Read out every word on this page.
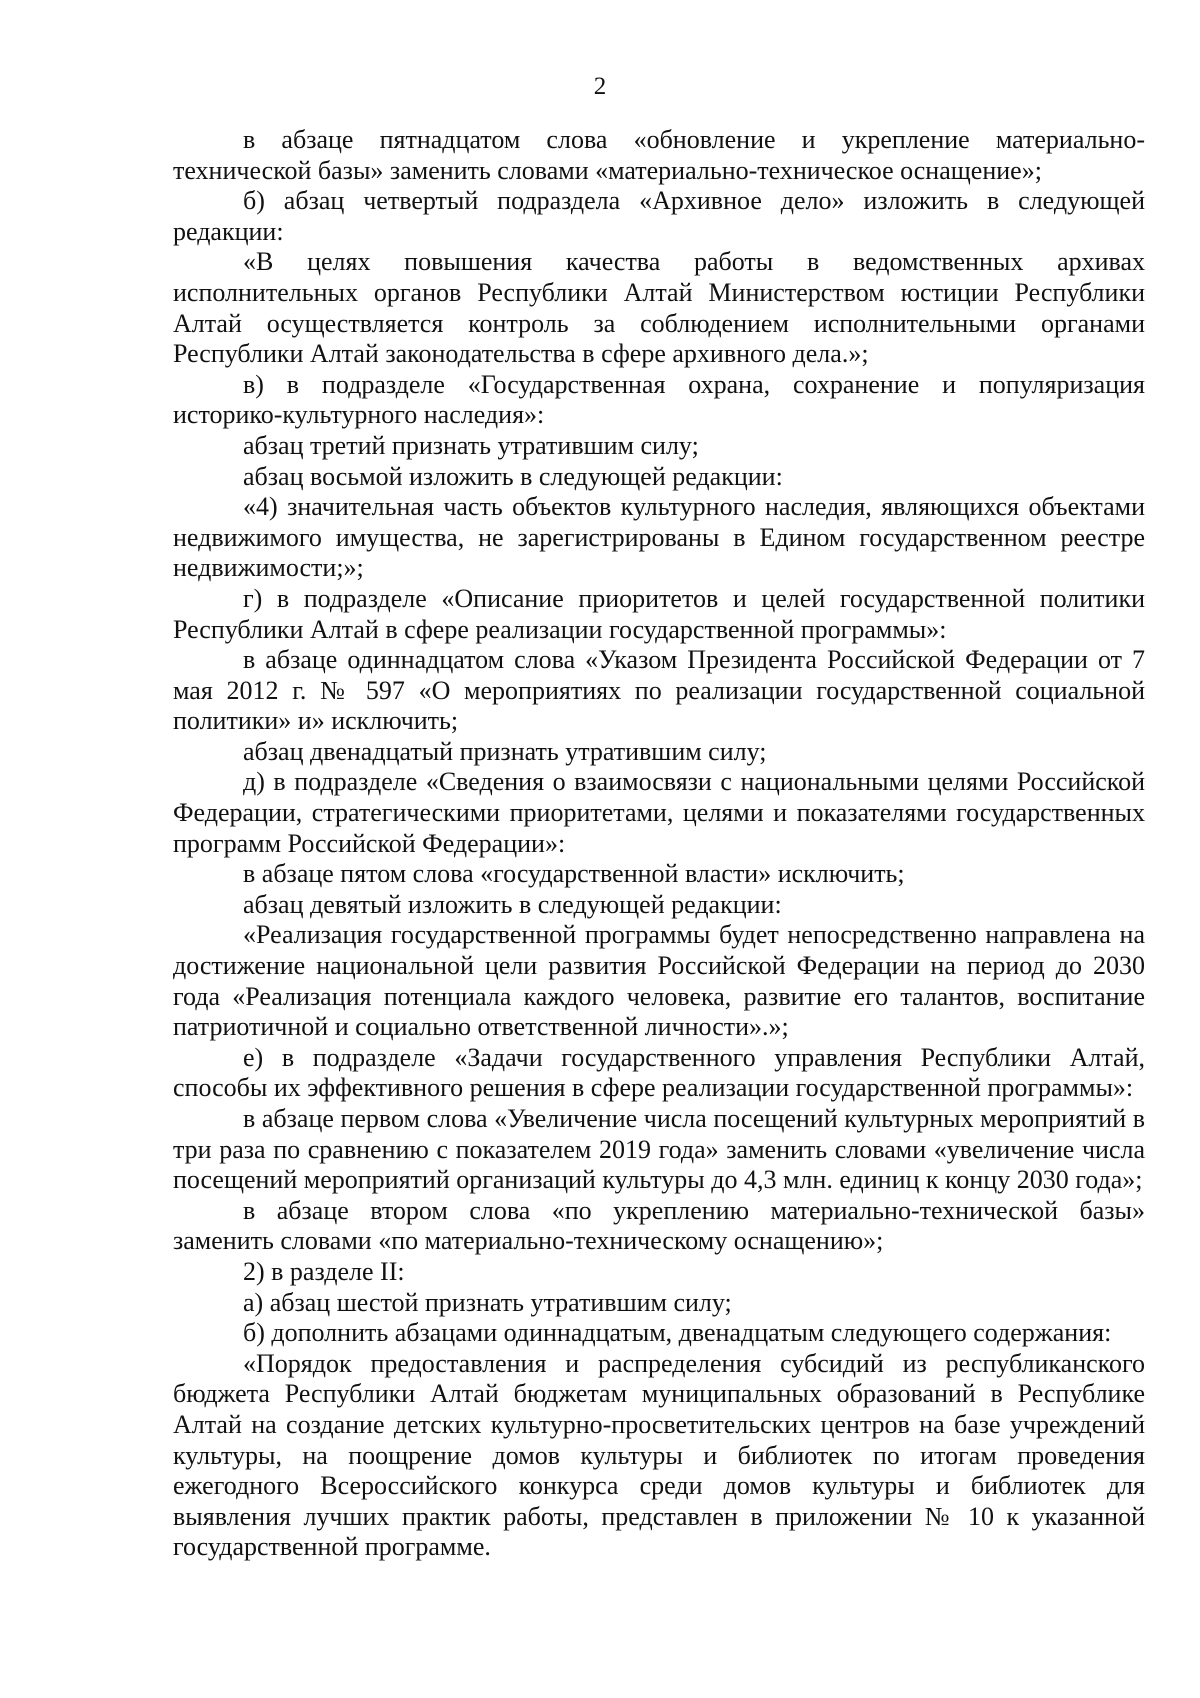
2

в абзаце пятнадцатом слова «обновление и укрепление материально-технической базы» заменить словами «материально-техническое оснащение»;

б) абзац четвертый подраздела «Архивное дело» изложить в следующей редакции:

«В целях повышения качества работы в ведомственных архивах исполнительных органов Республики Алтай Министерством юстиции Республики Алтай осуществляется контроль за соблюдением исполнительными органами Республики Алтай законодательства в сфере архивного дела.»;

в) в подразделе «Государственная охрана, сохранение и популяризация историко-культурного наследия»:

абзац третий признать утратившим силу;

абзац восьмой изложить в следующей редакции:

«4) значительная часть объектов культурного наследия, являющихся объектами недвижимого имущества, не зарегистрированы в Едином государственном реестре недвижимости;»;

г) в подразделе «Описание приоритетов и целей государственной политики Республики Алтай в сфере реализации государственной программы»:

в абзаце одиннадцатом слова «Указом Президента Российской Федерации от 7 мая 2012 г. № 597 «О мероприятиях по реализации государственной социальной политики» и» исключить;

абзац двенадцатый признать утратившим силу;

д) в подразделе «Сведения о взаимосвязи с национальными целями Российской Федерации, стратегическими приоритетами, целями и показателями государственных программ Российской Федерации»:

в абзаце пятом слова «государственной власти» исключить;

абзац девятый изложить в следующей редакции:

«Реализация государственной программы будет непосредственно направлена на достижение национальной цели развития Российской Федерации на период до 2030 года «Реализация потенциала каждого человека, развитие его талантов, воспитание патриотичной и социально ответственной личности».»;

е) в подразделе «Задачи государственного управления Республики Алтай, способы их эффективного решения в сфере реализации государственной программы»:

в абзаце первом слова «Увеличение числа посещений культурных мероприятий в три раза по сравнению с показателем 2019 года» заменить словами «увеличение числа посещений мероприятий организаций культуры до 4,3 млн. единиц к концу 2030 года»;

в абзаце втором слова «по укреплению материально-технической базы» заменить словами «по материально-техническому оснащению»;

2) в разделе II:

а) абзац шестой признать утратившим силу;

б) дополнить абзацами одиннадцатым, двенадцатым следующего содержания:

«Порядок предоставления и распределения субсидий из республиканского бюджета Республики Алтай бюджетам муниципальных образований в Республике Алтай на создание детских культурно-просветительских центров на базе учреждений культуры, на поощрение домов культуры и библиотек по итогам проведения ежегодного Всероссийского конкурса среди домов культуры и библиотек для выявления лучших практик работы, представлен в приложении № 10 к указанной государственной программе.
